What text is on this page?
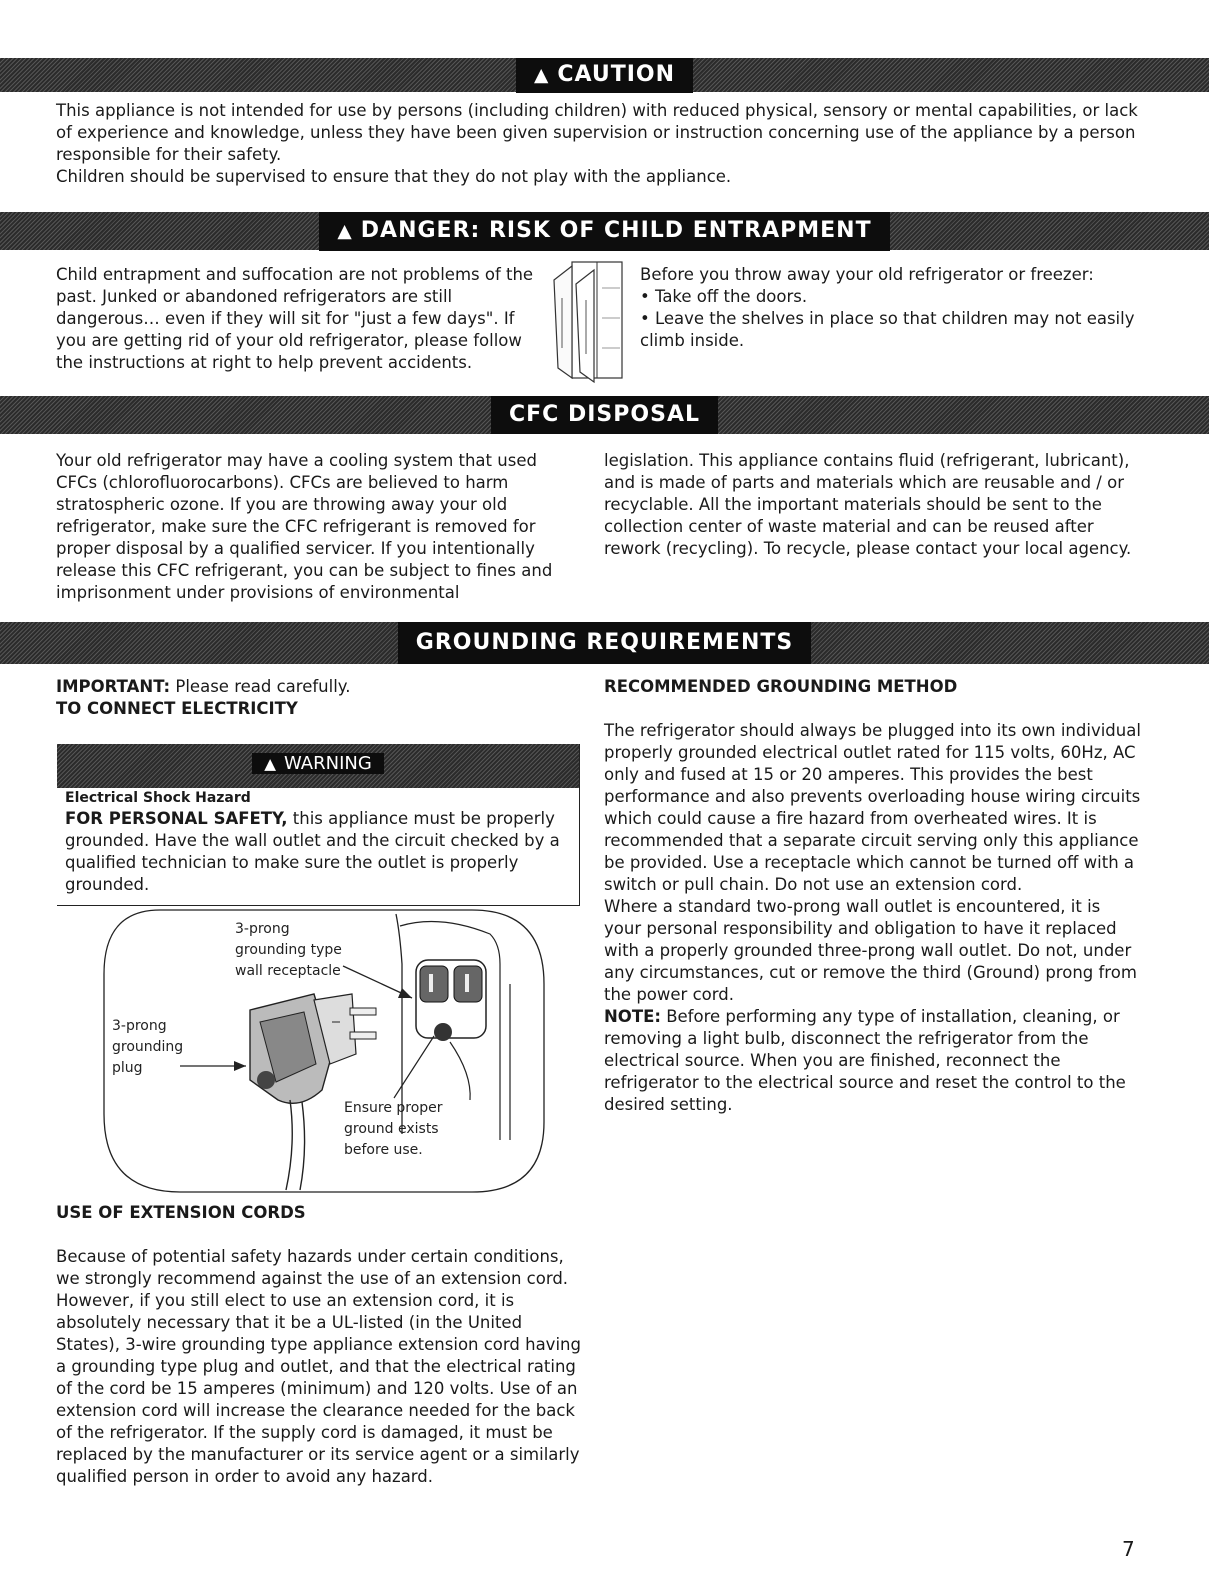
▲ CAUTION

This appliance is not intended for use by persons (including children) with reduced physical, sensory or mental capabilities, or lack of experience and knowledge, unless they have been given supervision or instruction concerning use of the appliance by a person responsible for their safety.

Children should be supervised to ensure that they do not play with the appliance.

▲ DANGER: RISK OF CHILD ENTRAPMENT
Child entrapment and suffocation are not problems of the past. Junked or abandoned refrigerators are still dangerous… even if they will sit for "just a few days". If you are getting rid of your old refrigerator, please follow the instructions at right to help prevent accidents.

Before you throw away your old refrigerator or freezer:

• Take off the doors.

• Leave the shelves in place so that children may not easily climb inside.

CFC DISPOSAL
Your old refrigerator may have a cooling system that used CFCs (chlorofluorocarbons). CFCs are believed to harm stratospheric ozone. If you are throwing away your old refrigerator, make sure the CFC refrigerant is removed for proper disposal by a qualified servicer. If you intentionally release this CFC refrigerant, you can be subject to fines and imprisonment under provisions of environmental
legislation. This appliance contains fluid (refrigerant, lubricant), and is made of parts and materials which are reusable and / or recyclable. All the important materials should be sent to the collection center of waste material and can be reused after rework (recycling). To recycle, please contact your local agency.
GROUNDING REQUIREMENTS
IMPORTANT: Please read carefully.
TO CONNECT ELECTRICITY
▲ WARNING
Electrical Shock Hazard
FOR PERSONAL SAFETY, this appliance must be properly grounded. Have the wall outlet and the circuit checked by a qualified technician to make sure the outlet is properly grounded.
3-prong
grounding type
wall receptacle
3-prong
grounding
plug
Ensure proper
ground exists
before use.
USE OF EXTENSION CORDS
Because of potential safety hazards under certain conditions, we strongly recommend against the use of an extension cord. However, if you still elect to use an extension cord, it is absolutely necessary that it be a UL-listed (in the United States), 3-wire grounding type appliance extension cord having a grounding type plug and outlet, and that the electrical rating of the cord be 15 amperes (minimum) and 120 volts. Use of an extension cord will increase the clearance needed for the back of the refrigerator. If the supply cord is damaged, it must be replaced by the manufacturer or its service agent or a similarly qualified person in order to avoid any hazard.
RECOMMENDED GROUNDING METHOD

The refrigerator should always be plugged into its own individual properly grounded electrical outlet rated for 115 volts, 60Hz, AC only and fused at 15 or 20 amperes. This provides the best performance and also prevents overloading house wiring circuits which could cause a fire hazard from overheated wires. It is recommended that a separate circuit serving only this appliance be provided. Use a receptacle which cannot be turned off with a switch or pull chain. Do not use an extension cord.

Where a standard two-prong wall outlet is encountered, it is your personal responsibility and obligation to have it replaced with a properly grounded three-prong wall outlet. Do not, under any circumstances, cut or remove the third (Ground) prong from the power cord.

NOTE: Before performing any type of installation, cleaning, or removing a light bulb, disconnect the refrigerator from the electrical source. When you are finished, reconnect the refrigerator to the electrical source and reset the control to the desired setting.

7
